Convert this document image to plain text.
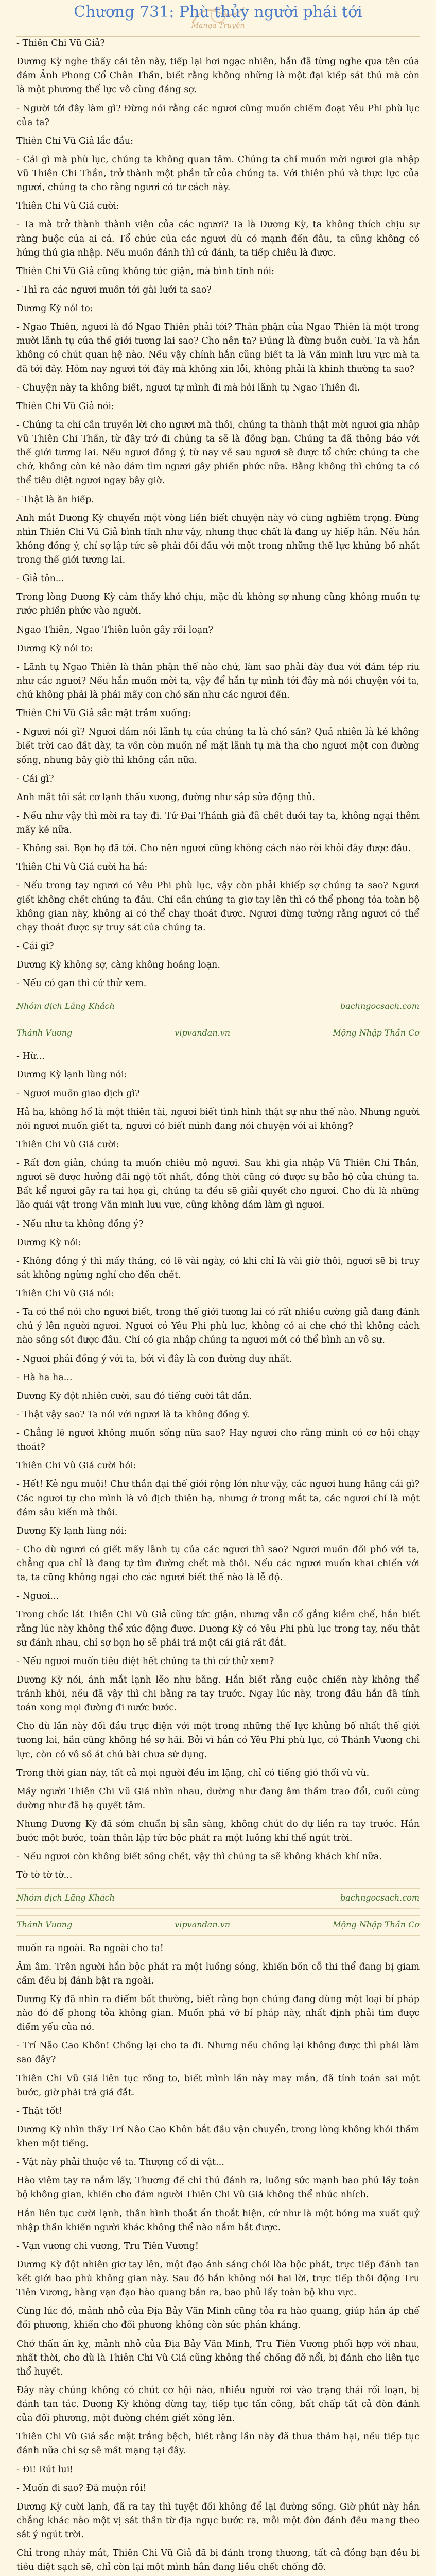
Chương 731: Phù thủy người phái tới
Manga Truyện

- Thiên Chi Vũ Giả?

Dương Kỳ nghe thấy cái tên này, tiếp lại hơi ngạc nhiên, hắn đã từng nghe qua tên của đám Ảnh Phong Cổ Chân Thần, biết rằng không những là một đại kiếp sát thủ mà còn là một phương thế lực vô cùng đáng sợ.

- Người tới đây làm gì? Đừng nói rằng các ngươi cũng muốn chiếm đoạt Yêu Phi phù lục của ta?

Thiên Chi Vũ Giả lắc đầu:

- Cái gì mà phù lục, chúng ta không quan tâm. Chúng ta chỉ muốn mời ngươi gia nhập Vũ Thiên Chi Thần, trở thành một phần tử của chúng ta. Với thiên phú và thực lực của ngươi, chúng ta cho rằng ngươi có tư cách này.

Thiên Chi Vũ Giả cười:

- Ta mà trở thành thành viên của các ngươi? Ta là Dương Kỳ, ta không thích chịu sự ràng buộc của ai cả. Tổ chức của các ngươi dù có mạnh đến đâu, ta cũng không có hứng thú gia nhập. Nếu muốn đánh thì cứ đánh, ta tiếp chiêu là được.

Thiên Chi Vũ Giả cũng không tức giận, mà bình tĩnh nói:

- Thì ra các ngươi muốn tới gài lưới ta sao?

Dương Kỳ nói to:

- Ngao Thiên, ngươi là đồ Ngao Thiên phải tới? Thân phận của Ngao Thiên là một trong mười lãnh tụ của thế giới tương lai sao? Cho nên ta? Đúng là đừng buồn cười. Ta và hắn không có chút quan hệ nào. Nếu vậy chính hắn cũng biết ta là Văn minh lưu vực mà ta đã tới đây. Hôm nay ngươi tới đây mà không xin lỗi, không phải là khinh thường ta sao?

- Chuyện này ta không biết, ngươi tự mình đi mà hỏi lãnh tụ Ngao Thiên đi.

Thiên Chi Vũ Giả nói:

- Chúng ta chỉ cần truyền lời cho ngươi mà thôi, chúng ta thành thật mời ngươi gia nhập Vũ Thiên Chi Thần, từ đây trở đi chúng ta sẽ là đồng bạn. Chúng ta đã thông báo với thế giới tương lai. Nếu ngươi đồng ý, từ nay về sau ngươi sẽ được tổ chức chúng ta che chở, không còn kẻ nào dám tìm ngươi gây phiền phức nữa. Bằng không thì chúng ta có thể tiêu diệt ngươi ngay bây giờ.

- Thật là ăn hiếp.

Anh mắt Dương Kỳ chuyển một vòng liền biết chuyện này vô cùng nghiêm trọng. Đừng nhìn Thiên Chi Vũ Giả bình tĩnh như vậy, nhưng thực chất là đang uy hiếp hắn. Nếu hắn không đồng ý, chỉ sợ lập tức sẽ phải đối đầu với một trong những thế lực khủng bố nhất trong thế giới tương lai.

- Giả tôn...

Trong lòng Dương Kỳ cảm thấy khó chịu, mặc dù không sợ nhưng cũng không muốn tự rước phiền phức vào người.

Ngao Thiên, Ngao Thiên luôn gây rối loạn?

Dương Kỳ nói to:

- Lãnh tụ Ngao Thiên là thân phận thế nào chứ, làm sao phải đày đưa với đám tép riu như các ngươi? Nếu hắn muốn mời ta, vậy để hắn tự mình tới đây mà nói chuyện với ta, chứ không phải là phái mấy con chó săn như các ngươi đến.

Thiên Chi Vũ Giả sắc mặt trầm xuống:

- Ngươi nói gì? Ngươi dám nói lãnh tụ của chúng ta là chó săn? Quả nhiên là kẻ không biết trời cao đất dày, ta vốn còn muốn nể mặt lãnh tụ mà tha cho ngươi một con đường sống, nhưng bây giờ thì không cần nữa.

- Cái gì?

Anh mắt tôi sắt cơ lạnh thấu xương, đường như sắp sửa động thủ.

- Nếu như vậy thì mời ra tay đi. Tứ Đại Thánh giả đã chết dưới tay ta, không ngại thêm mấy kẻ nữa.

- Không sai. Bọn họ đã tới. Cho nên ngươi cũng không cách nào rời khỏi đây được đâu.

Thiên Chi Vũ Giả cười ha hả:

- Nếu trong tay ngươi có Yêu Phi phù lục, vậy còn phải khiếp sợ chúng ta sao? Ngươi giết không chết chúng ta đâu. Chỉ cần chúng ta giơ tay lên thì có thể phong tỏa toàn bộ không gian này, không ai có thể chạy thoát được. Ngươi đừng tưởng rằng ngươi có thể chạy thoát được sự truy sát của chúng ta.

- Cái gì?

Dương Kỳ không sợ, càng không hoảng loạn.

- Nếu có gan thì cứ thử xem.

Nhóm dịch Lãng Khách	bachngocsach.com
Thánh Vương	vipvandan.vn	Mộng Nhập Thần Cơ

- Hừ...

Dương Kỳ lạnh lùng nói:

- Ngươi muốn giao dịch gì?

Hả ha, không hổ là một thiên tài, ngươi biết tình hình thật sự như thế nào. Nhưng người nói ngươi muốn giết ta, ngươi có biết mình đang nói chuyện với ai không?

Thiên Chi Vũ Giả cười:

- Rất đơn giản, chúng ta muốn chiêu mộ ngươi. Sau khi gia nhập Vũ Thiên Chi Thần, ngươi sẽ được hưởng đãi ngộ tốt nhất, đồng thời cũng có được sự bảo hộ của chúng ta. Bất kể ngươi gây ra tai họa gì, chúng ta đều sẽ giải quyết cho ngươi. Cho dù là những lão quái vật trong Văn minh lưu vực, cũng không dám làm gì ngươi.

- Nếu như ta không đồng ý?

Dương Kỳ nói:

- Không đồng ý thì mấy tháng, có lẽ vài ngày, có khi chỉ là vài giờ thôi, ngươi sẽ bị truy sát không ngừng nghỉ cho đến chết.

Thiên Chi Vũ Giả nói:

- Ta có thể nói cho ngươi biết, trong thế giới tương lai có rất nhiều cường giả đang đánh chủ ý lên người ngươi. Ngươi có Yêu Phi phù lục, không có ai che chở thì không cách nào sống sót được đâu. Chỉ có gia nhập chúng ta ngươi mới có thể bình an vô sự.

- Ngươi phải đồng ý với ta, bởi vì đây là con đường duy nhất.

- Hà ha ha...

Dương Kỳ đột nhiên cười, sau đó tiếng cười tắt dần.

- Thật vậy sao? Ta nói với ngươi là ta không đồng ý.

- Chẳng lẽ ngươi không muốn sống nữa sao? Hay ngươi cho rằng mình có cơ hội chạy thoát?

Thiên Chi Vũ Giả cười hỏi:

- Hết! Kẻ ngu muội! Chư thần đại thế giới rộng lớn như vậy, các ngươi hung hăng cái gì? Các ngươi tự cho mình là vô địch thiên hạ, nhưng ở trong mắt ta, các ngươi chỉ là một đám sâu kiến mà thôi.

Dương Kỳ lạnh lùng nói:

- Cho dù ngươi có giết mấy lãnh tụ của các ngươi thì sao? Ngươi muốn đối phó với ta, chẳng qua chỉ là đang tự tìm đường chết mà thôi. Nếu các ngươi muốn khai chiến với ta, ta cũng không ngại cho các ngươi biết thế nào là lễ độ.

- Ngươi...

Trong chốc lát Thiên Chi Vũ Giả cũng tức giận, nhưng vẫn cố gắng kiềm chế, hắn biết rằng lúc này không thể xúc động được. Dương Kỳ có Yêu Phi phù lục trong tay, nếu thật sự đánh nhau, chỉ sợ bọn họ sẽ phải trả một cái giá rất đắt.

- Nếu ngươi muốn tiêu diệt hết chúng ta thì cứ thử xem?

Dương Kỳ nói, ánh mắt lạnh lẽo như băng. Hắn biết rằng cuộc chiến này không thể tránh khỏi, nếu đã vậy thì chi bằng ra tay trước. Ngay lúc này, trong đầu hắn đã tính toán xong mọi đường đi nước bước.

Cho dù lần này đối đầu trực diện với một trong những thế lực khủng bố nhất thế giới tương lai, hắn cũng không hề sợ hãi. Bởi vì hắn có Yêu Phi phù lục, có Thánh Vương chi lực, còn có vô số át chủ bài chưa sử dụng.

Trong thời gian này, tất cả mọi người đều im lặng, chỉ có tiếng gió thổi vù vù.

Mấy người Thiên Chi Vũ Giả nhìn nhau, dường như đang âm thầm trao đổi, cuối cùng dường như đã hạ quyết tâm.

Nhưng Dương Kỳ đã sớm chuẩn bị sẵn sàng, không chút do dự liền ra tay trước. Hắn bước một bước, toàn thân lập tức bộc phát ra một luồng khí thế ngút trời.

- Nếu ngươi còn không biết sống chết, vậy thì chúng ta sẽ không khách khí nữa.

Tờ tờ tờ tờ...

Nhóm dịch Lãng Khách	bachngocsach.com
Thánh Vương	vipvandan.vn	Mộng Nhập Thần Cơ

muốn ra ngoài. Ra ngoài cho ta!

Âm âm. Trên người hắn bộc phát ra một luồng sóng, khiến bốn cỗ thi thể đang bị giam cầm đều bị đánh bật ra ngoài.

Dương Kỳ đã nhìn ra điểm bất thường, biết rằng bọn chúng đang dùng một loại bí pháp nào đó để phong tỏa không gian. Muốn phá vỡ bí pháp này, nhất định phải tìm được điểm yếu của nó.

- Trí Não Cao Khôn! Chống lại cho ta đi. Nhưng nếu chống lại không được thì phải làm sao đây?

Thiên Chi Vũ Giả liên tục rống to, biết mình lần này may mắn, đã tính toán sai một bước, giờ phải trả giá đắt.

- Thật tốt!

Dương Kỳ nhìn thấy Trí Não Cao Khôn bắt đầu vận chuyển, trong lòng không khỏi thầm khen một tiếng.

- Vật này phải thuộc về ta. Thượng cổ di vật...

Hào viêm tay ra nắm lấy, Thương đế chỉ thủ đánh ra, luồng sức mạnh bao phủ lấy toàn bộ không gian, khiến cho đám người Thiên Chi Vũ Giả không thể nhúc nhích.

Hắn liên tục cười lạnh, thân hình thoắt ẩn thoắt hiện, cứ như là một bóng ma xuất quỷ nhập thần khiến người khác không thể nào nắm bắt được.

- Vạn vương chi vương, Tru Tiên Vương!

Dương Kỳ đột nhiên giơ tay lên, một đạo ánh sáng chói lòa bộc phát, trực tiếp đánh tan kết giới bao phủ không gian này. Sau đó hắn không nói hai lời, trực tiếp thôi động Tru Tiên Vương, hàng vạn đạo hào quang bắn ra, bao phủ lấy toàn bộ khu vực.

Cùng lúc đó, mảnh nhỏ của Địa Bảy Văn Minh cũng tỏa ra hào quang, giúp hắn áp chế đối phương, khiến cho đối phương không còn sức phản kháng.

Chớ thấn ấn kỵ, mảnh nhỏ của Địa Bảy Văn Minh, Tru Tiên Vương phối hợp với nhau, nhất thời, cho dù là Thiên Chi Vũ Giả cũng không thể chống đỡ nổi, bị đánh cho liên tục thổ huyết.

Đây này chúng không có chút cơ hội nào, nhiều người rơi vào trạng thái rối loạn, bị đánh tan tác. Dương Kỳ không dừng tay, tiếp tục tấn công, bất chấp tất cả đòn đánh của đối phương, một đường chém giết xông lên.

Thiên Chi Vũ Giả sắc mặt trắng bệch, biết rằng lần này đã thua thảm hại, nếu tiếp tục đánh nữa chỉ sợ sẽ mất mạng tại đây.

- Đi! Rút lui!

- Muốn đi sao? Đã muộn rồi!

Dương Kỳ cười lạnh, đã ra tay thì tuyệt đối không để lại đường sống. Giờ phút này hắn chẳng khác nào một vị sát thần từ địa ngục bước ra, mỗi một đòn đánh đều mang theo sát ý ngút trời.

Chỉ trong nháy mắt, Thiên Chi Vũ Giả đã bị đánh trọng thương, tất cả đồng bạn đều bị tiêu diệt sạch sẽ, chỉ còn lại một mình hắn đang liều chết chống đỡ.
